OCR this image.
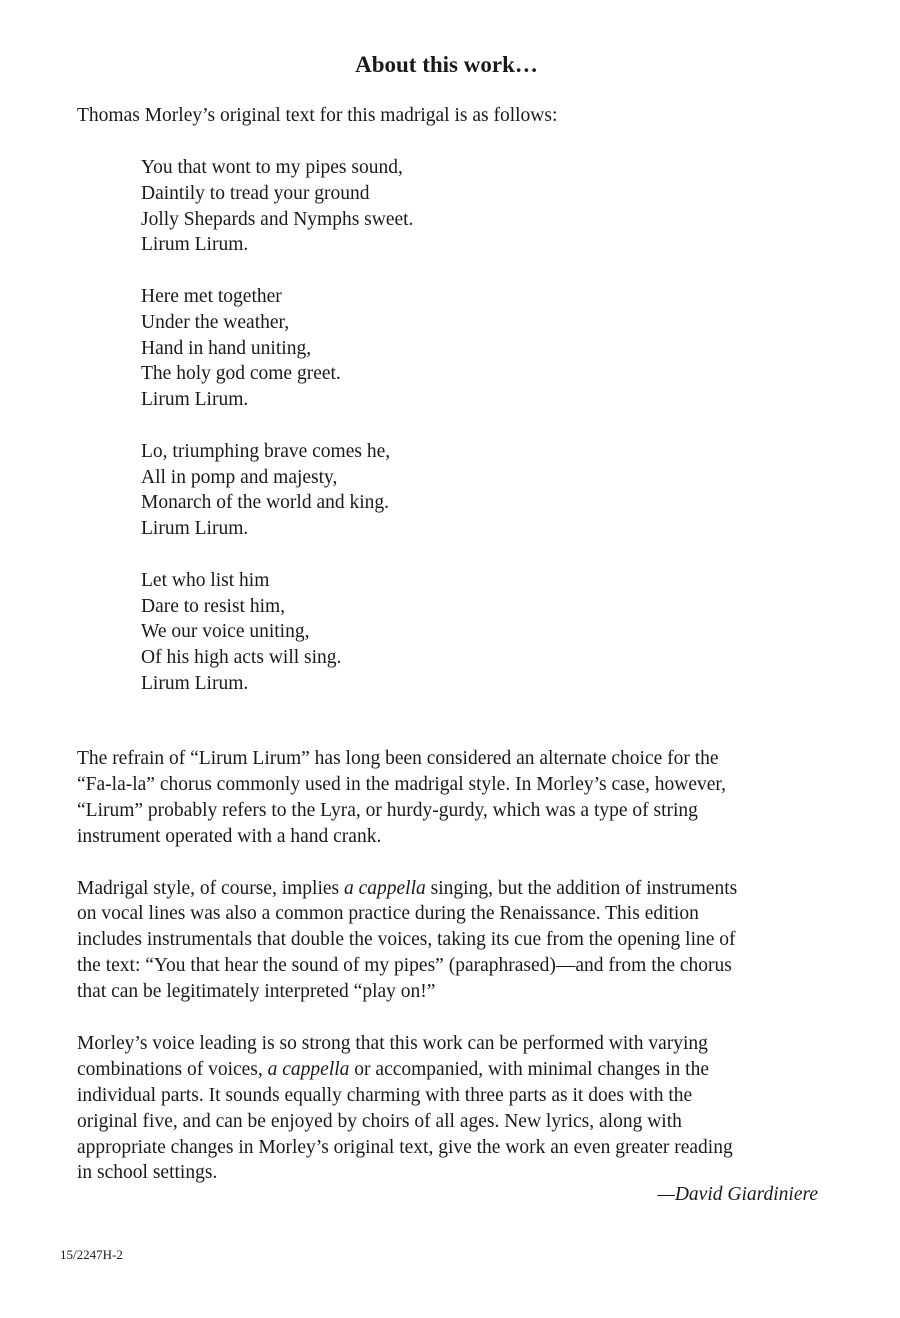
About this work…

Thomas Morley’s original text for this madrigal is as follows:

You that wont to my pipes sound,
Daintily to tread your ground
Jolly Shepards and Nymphs sweet.
Lirum Lirum.
Here met together
Under the weather,
Hand in hand uniting,
The holy god come greet.
Lirum Lirum.
Lo, triumphing brave comes he,
All in pomp and majesty,
Monarch of the world and king.
Lirum Lirum.
Let who list him
Dare to resist him,
We our voice uniting,
Of his high acts will sing.
Lirum Lirum.
The refrain of “Lirum Lirum” has long been considered an alternate choice for the
“Fa-la-la” chorus commonly used in the madrigal style. In Morley’s case, however,
“Lirum” probably refers to the Lyra, or hurdy-gurdy, which was a type of string
instrument operated with a hand crank.
Madrigal style, of course, implies a cappella singing, but the addition of instruments
on vocal lines was also a common practice during the Renaissance. This edition
includes instrumentals that double the voices, taking its cue from the opening line of
the text: “You that hear the sound of my pipes” (paraphrased)—and from the chorus
that can be legitimately interpreted “play on!”
Morley’s voice leading is so strong that this work can be performed with varying
combinations of voices, a cappella or accompanied, with minimal changes in the
individual parts. It sounds equally charming with three parts as it does with the
original five, and can be enjoyed by choirs of all ages. New lyrics, along with
appropriate changes in Morley’s original text, give the work an even greater reading
in school settings.

—David Giardiniere

15/2247H-2
